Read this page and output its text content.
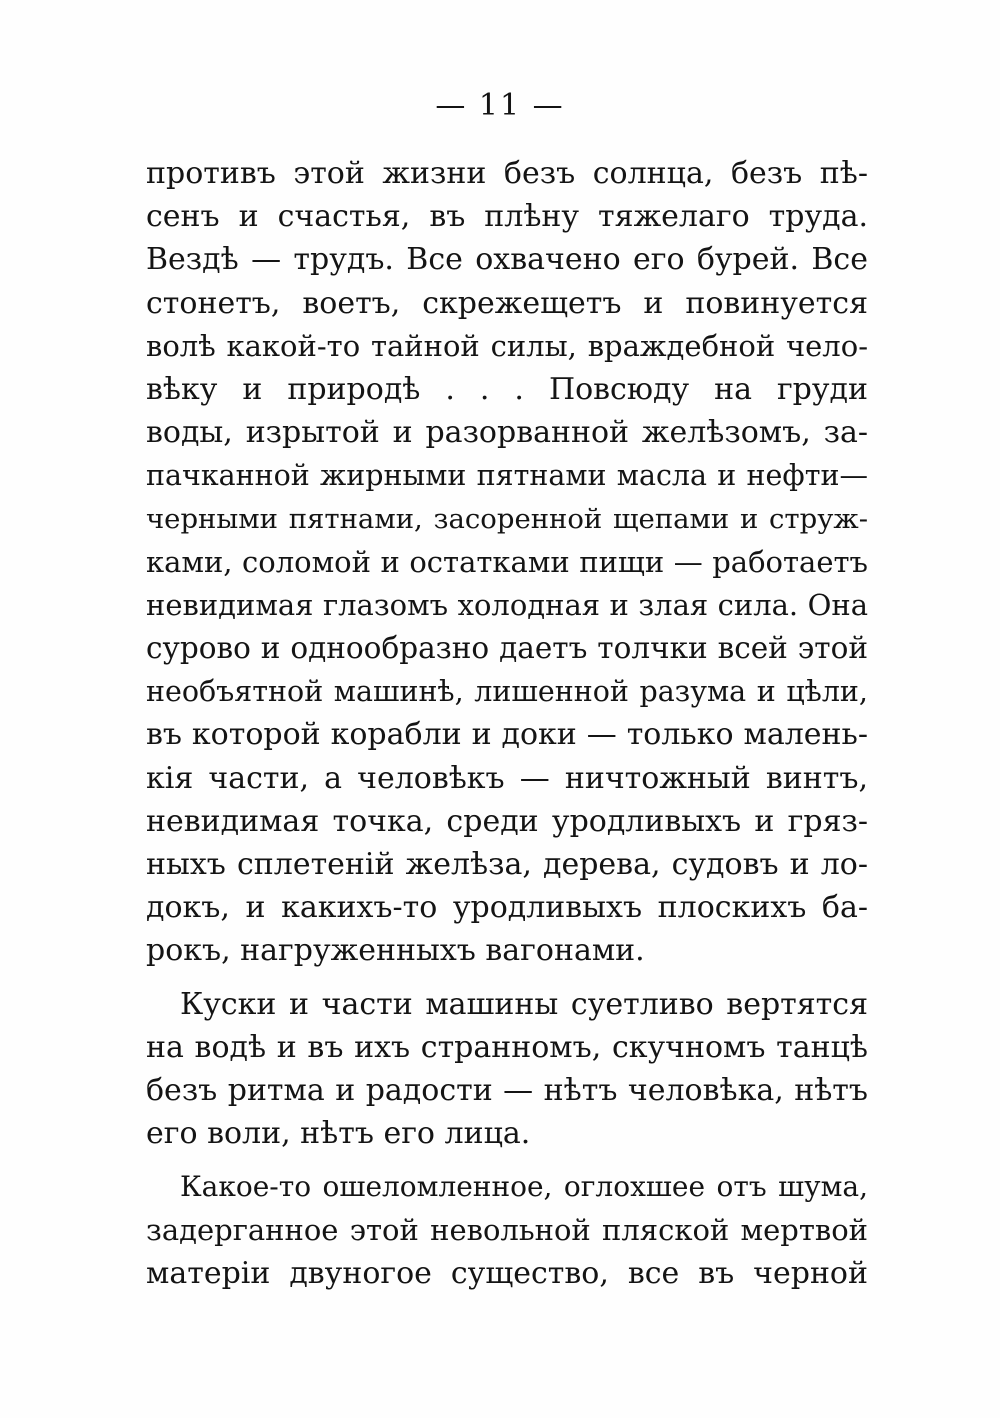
— 11 —
противъ этой жизни безъ солнца, безъ пѣ-
сенъ и счастья, въ плѣну тяжелаго труда.
Вездѣ — трудъ. Все охвачено его бурей. Все
стонетъ, воетъ, скрежещетъ и повинуется
волѣ какой-то тайной силы, враждебной чело-
вѣку и природѣ . . . Повсюду на груди
воды, изрытой и разорванной желѣзомъ, за-
пачканной жирными пятнами масла и нефти—
черными пятнами, засоренной щепами и струж-
ками, соломой и остатками пищи — работаетъ
невидимая глазомъ холодная и злая сила. Она
сурово и однообразно даетъ толчки всей этой
необъятной машинѣ, лишенной разума и цѣли,
въ которой корабли и доки — только малень-
кія части, а человѣкъ — ничтожный винтъ,
невидимая точка, среди уродливыхъ и гряз-
ныхъ сплетеній желѣза, дерева, судовъ и ло-
докъ, и какихъ-то уродливыхъ плоскихъ ба-
рокъ, нагруженныхъ вагонами.
Куски и части машины суетливо вертятся
на водѣ и въ ихъ странномъ, скучномъ танцѣ
безъ ритма и радости — нѣтъ человѣка, нѣтъ
его воли, нѣтъ его лица.
Какое-то ошеломленное, оглохшее отъ шума,
задерганное этой невольной пляской мертвой
матеріи двуногое существо, все въ черной
